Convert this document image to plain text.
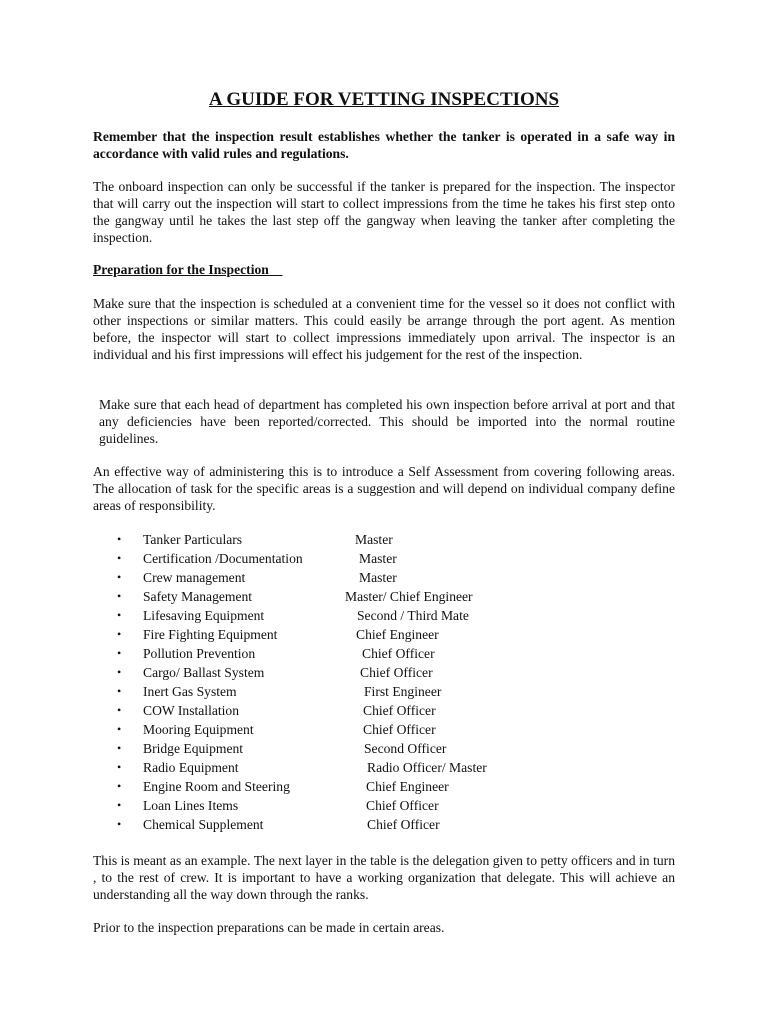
A GUIDE FOR VETTING INSPECTIONS
Remember that the inspection result establishes whether the tanker is operated in a safe way in accordance with valid rules and regulations.
The onboard inspection can only be successful if the tanker is prepared for the inspection. The inspector that will carry out the inspection will start to collect impressions from the time he takes his first step onto the gangway until he takes the last step off the gangway when leaving the tanker after completing the inspection.
Preparation for the Inspection
Make sure that the inspection is scheduled at a convenient time for the vessel so it does not conflict with other inspections or similar matters. This could easily be arrange through the port agent. As mention before, the inspector will start to collect impressions immediately upon arrival. The inspector is an individual and his first impressions will effect his judgement for the rest of the inspection.
Make sure that each head of department has completed his own inspection before arrival at port and that any deficiencies have been reported/corrected. This should be imported into the normal routine guidelines.
An effective way of administering this is to introduce a Self Assessment from covering following areas. The allocation of task for the specific areas is a suggestion and will depend on individual company define areas of responsibility.
• Tanker Particulars	Master
• Certification /Documentation	Master
• Crew management	Master
• Safety Management	Master/ Chief Engineer
• Lifesaving Equipment	Second / Third Mate
• Fire Fighting Equipment	Chief Engineer
• Pollution Prevention	Chief Officer
• Cargo/ Ballast System	Chief Officer
• Inert Gas System	First Engineer
• COW Installation	Chief Officer
• Mooring Equipment	Chief Officer
• Bridge Equipment	Second Officer
• Radio Equipment	Radio Officer/ Master
• Engine Room and Steering	Chief Engineer
• Loan Lines Items	Chief Officer
• Chemical Supplement	Chief Officer
This is meant as an example. The next layer in the table is the delegation given to petty officers and in turn , to the rest of crew. It is important to have a working organization that delegate. This will achieve an understanding all the way down through the ranks.
Prior to the inspection preparations can be made in certain areas.
